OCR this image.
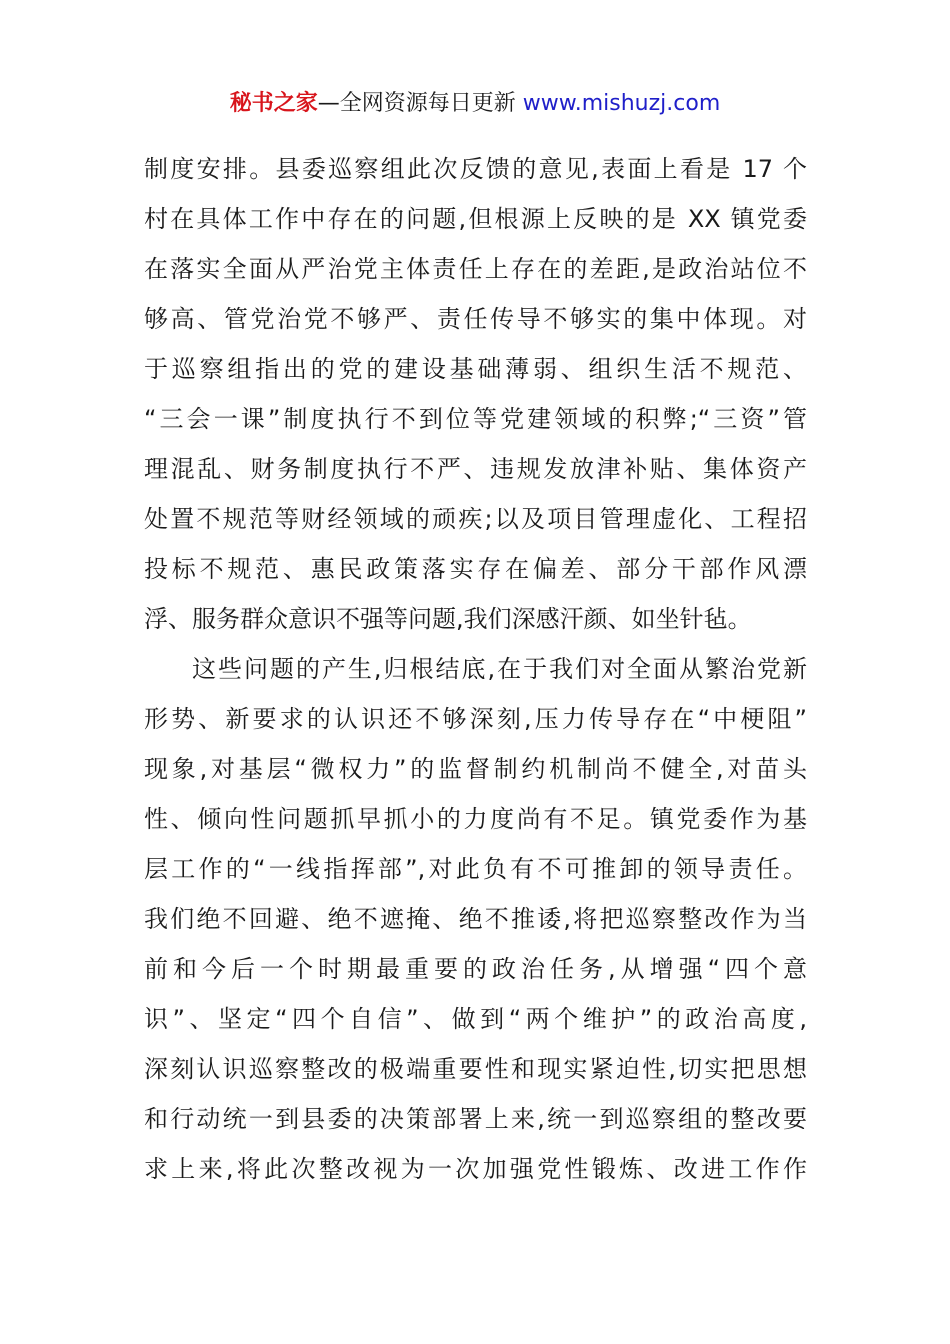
秘书之家—全网资源每日更新 www.mishuzj.com
制度安排。县委巡察组此次反馈的意见,表面上看是 17 个
村在具体工作中存在的问题,但根源上反映的是 XX 镇党委
在落实全面从严治党主体责任上存在的差距,是政治站位不
够高、管党治党不够严、责任传导不够实的集中体现。对
于巡察组指出的党的建设基础薄弱、组织生活不规范、
“三会一课”制度执行不到位等党建领域的积弊;“三资”管
理混乱、财务制度执行不严、违规发放津补贴、集体资产
处置不规范等财经领域的顽疾;以及项目管理虚化、工程招
投标不规范、惠民政策落实存在偏差、部分干部作风漂
浮、服务群众意识不强等问题,我们深感汗颜、如坐针毡。
这些问题的产生,归根结底,在于我们对全面从繁治党新
形势、新要求的认识还不够深刻,压力传导存在“中梗阻”
现象,对基层“微权力”的监督制约机制尚不健全,对苗头
性、倾向性问题抓早抓小的力度尚有不足。镇党委作为基
层工作的“一线指挥部”,对此负有不可推卸的领导责任。
我们绝不回避、绝不遮掩、绝不推诿,将把巡察整改作为当
前和今后一个时期最重要的政治任务,从增强“四个意
识”、坚定“四个自信”、做到“两个维护”的政治高度,
深刻认识巡察整改的极端重要性和现实紧迫性,切实把思想
和行动统一到县委的决策部署上来,统一到巡察组的整改要
求上来,将此次整改视为一次加强党性锻炼、改进工作作
